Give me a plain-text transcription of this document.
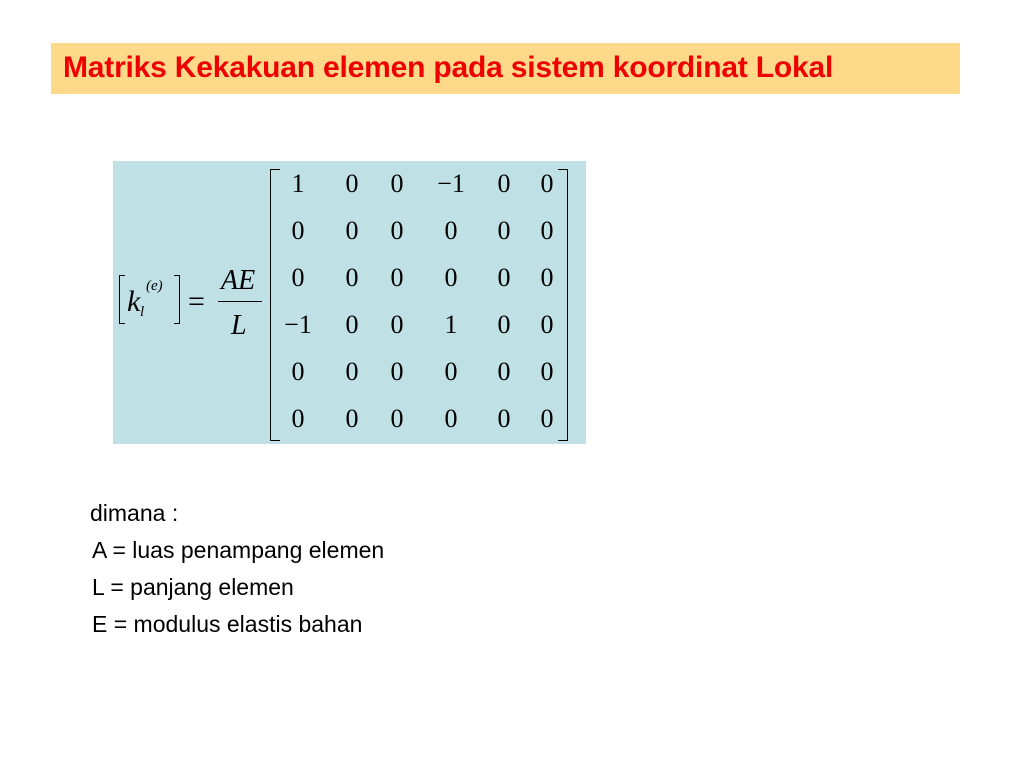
Matriks Kekakuan elemen pada sistem koordinat Lokal
k l
(e) =
AE
L
1	0	0	−1	0	0
0	0	0	0	0	0
0	0	0	0	0	0
−1	0	0	1	0	0
0	0	0	0	0	0
0	0	0	0	0	0
dimana :
A = luas penampang elemen
L = panjang elemen
E = modulus elastis bahan
